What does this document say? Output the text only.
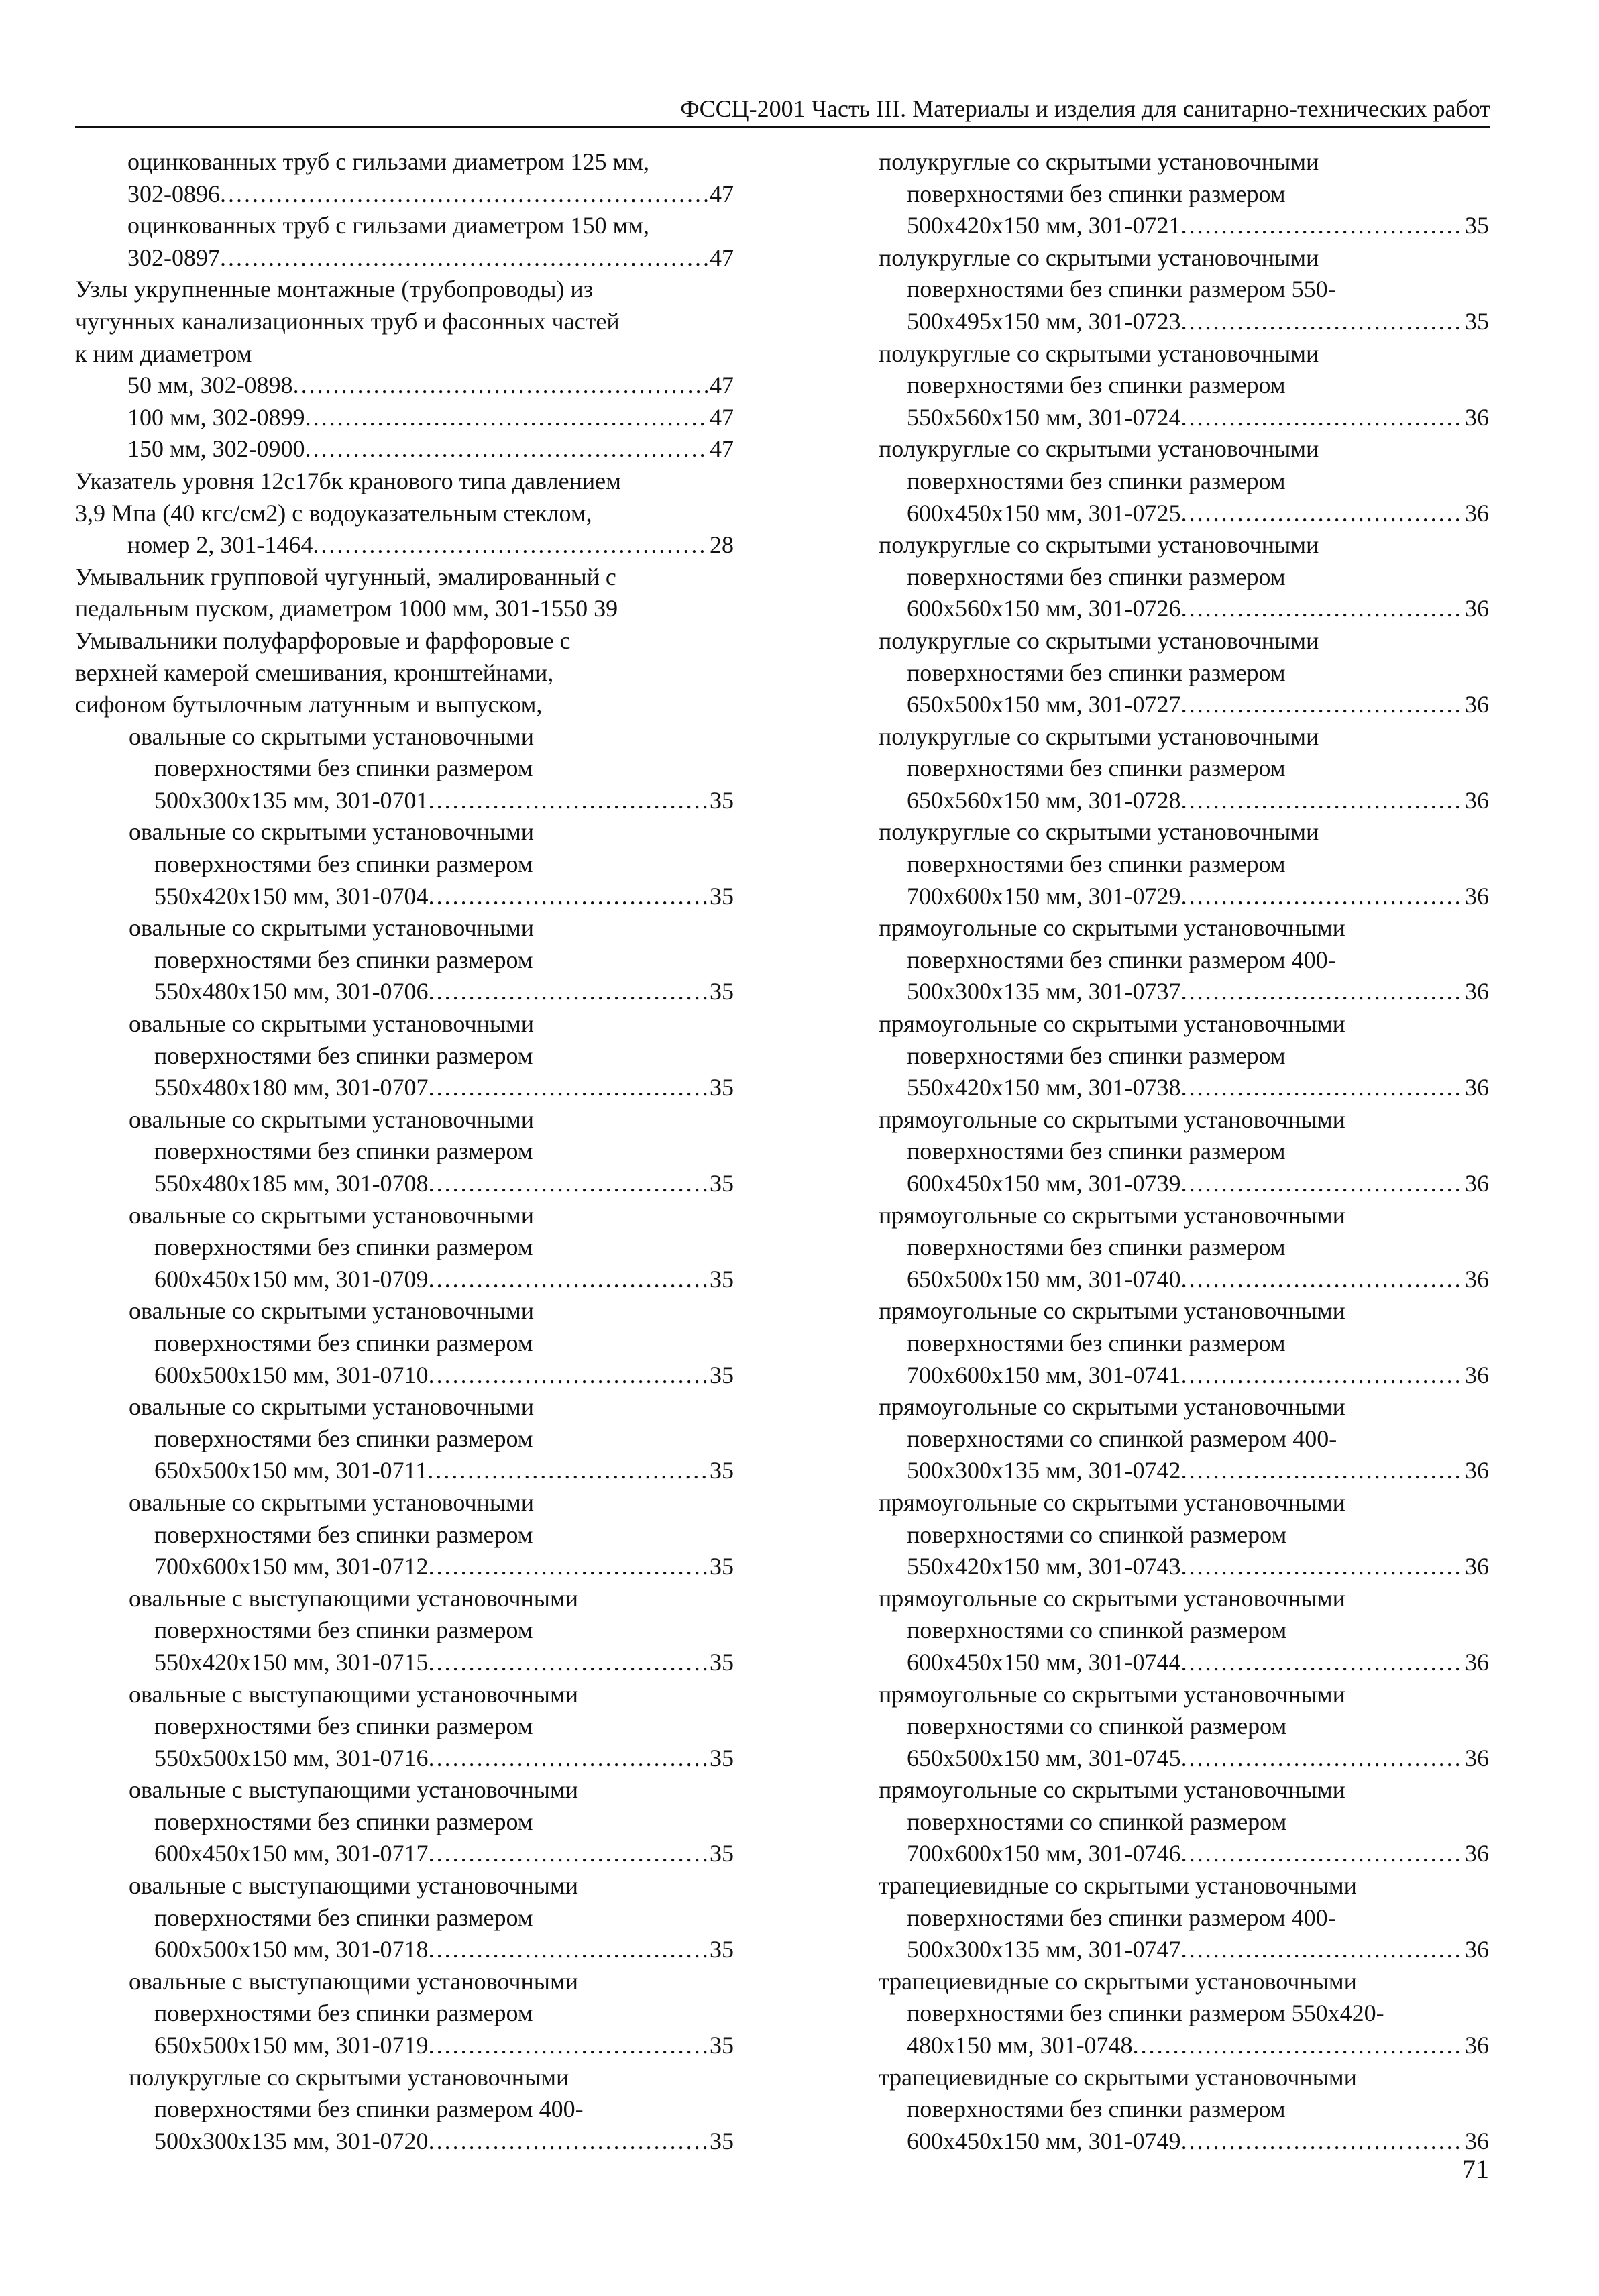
ФССЦ-2001 Часть III. Материалы и изделия для санитарно-технических работ
оцинкованных труб с гильзами диаметром 125 мм,
302-0896 . . .	47
оцинкованных труб с гильзами диаметром 150 мм,
302-0897 . . .	47
Узлы укрупненные монтажные (трубопроводы) из
чугунных канализационных труб и фасонных частей
к ним диаметром
50 мм, 302-0898 . . .	47
100 мм, 302-0899 . . .	47
150 мм, 302-0900 . . .	47
Указатель уровня 12с17бк кранового типа давлением
3,9 Мпа (40 кгс/см2) с водоуказательным стеклом,
номер 2, 301-1464 . . .	28
Умывальник групповой чугунный, эмалированный с
педальным пуском, диаметром 1000 мм, 301-1550 39
Умывальники полуфарфоровые и фарфоровые с
верхней камерой смешивания, кронштейнами,
сифоном бутылочным латунным и выпуском,
овальные со скрытыми установочными
поверхностями без спинки размером
500x300x135 мм, 301-0701 . . .	35
овальные со скрытыми установочными
поверхностями без спинки размером
550x420x150 мм, 301-0704 . . .	35
овальные со скрытыми установочными
поверхностями без спинки размером
550x480x150 мм, 301-0706 . . .	35
овальные со скрытыми установочными
поверхностями без спинки размером
550x480x180 мм, 301-0707 . . .	35
овальные со скрытыми установочными
поверхностями без спинки размером
550x480x185 мм, 301-0708 . . .	35
овальные со скрытыми установочными
поверхностями без спинки размером
600x450x150 мм, 301-0709 . . .	35
овальные со скрытыми установочными
поверхностями без спинки размером
600x500x150 мм, 301-0710 . . .	35
овальные со скрытыми установочными
поверхностями без спинки размером
650x500x150 мм, 301-0711 . . .	35
овальные со скрытыми установочными
поверхностями без спинки размером
700x600x150 мм, 301-0712 . . .	35
овальные с выступающими установочными
поверхностями без спинки размером
550x420x150 мм, 301-0715 . . .	35
овальные с выступающими установочными
поверхностями без спинки размером
550x500x150 мм, 301-0716 . . .	35
овальные с выступающими установочными
поверхностями без спинки размером
600x450x150 мм, 301-0717 . . .	35
овальные с выступающими установочными
поверхностями без спинки размером
600x500x150 мм, 301-0718 . . .	35
овальные с выступающими установочными
поверхностями без спинки размером
650x500x150 мм, 301-0719 . . .	35
полукруглые со скрытыми установочными
поверхностями без спинки размером 400-
500x300x135 мм, 301-0720 . . .	35
полукруглые со скрытыми установочными
поверхностями без спинки размером
500x420x150 мм, 301-0721 . . .	35
полукруглые со скрытыми установочными
поверхностями без спинки размером 550-
500x495x150 мм, 301-0723 . . .	35
полукруглые со скрытыми установочными
поверхностями без спинки размером
550x560x150 мм, 301-0724 . . .	36
полукруглые со скрытыми установочными
поверхностями без спинки размером
600x450x150 мм, 301-0725 . . .	36
полукруглые со скрытыми установочными
поверхностями без спинки размером
600x560x150 мм, 301-0726 . . .	36
полукруглые со скрытыми установочными
поверхностями без спинки размером
650x500x150 мм, 301-0727 . . .	36
полукруглые со скрытыми установочными
поверхностями без спинки размером
650x560x150 мм, 301-0728 . . .	36
полукруглые со скрытыми установочными
поверхностями без спинки размером
700x600x150 мм, 301-0729 . . .	36
прямоугольные со скрытыми установочными
поверхностями без спинки размером 400-
500x300x135 мм, 301-0737 . . .	36
прямоугольные со скрытыми установочными
поверхностями без спинки размером
550x420x150 мм, 301-0738 . . .	36
прямоугольные со скрытыми установочными
поверхностями без спинки размером
600x450x150 мм, 301-0739 . . .	36
прямоугольные со скрытыми установочными
поверхностями без спинки размером
650x500x150 мм, 301-0740 . . .	36
прямоугольные со скрытыми установочными
поверхностями без спинки размером
700x600x150 мм, 301-0741 . . .	36
прямоугольные со скрытыми установочными
поверхностями со спинкой размером 400-
500x300x135 мм, 301-0742 . . .	36
прямоугольные со скрытыми установочными
поверхностями со спинкой размером
550x420x150 мм, 301-0743 . . .	36
прямоугольные со скрытыми установочными
поверхностями со спинкой размером
600x450x150 мм, 301-0744 . . .	36
прямоугольные со скрытыми установочными
поверхностями со спинкой размером
650x500x150 мм, 301-0745 . . .	36
прямоугольные со скрытыми установочными
поверхностями со спинкой размером
700x600x150 мм, 301-0746 . . .	36
трапециевидные со скрытыми установочными
поверхностями без спинки размером 400-
500x300x135 мм, 301-0747 . . .	36
трапециевидные со скрытыми установочными
поверхностями без спинки размером 550x420-
480x150 мм, 301-0748 . . .	36
трапециевидные со скрытыми установочными
поверхностями без спинки размером
600x450x150 мм, 301-0749 . . .	36
71
